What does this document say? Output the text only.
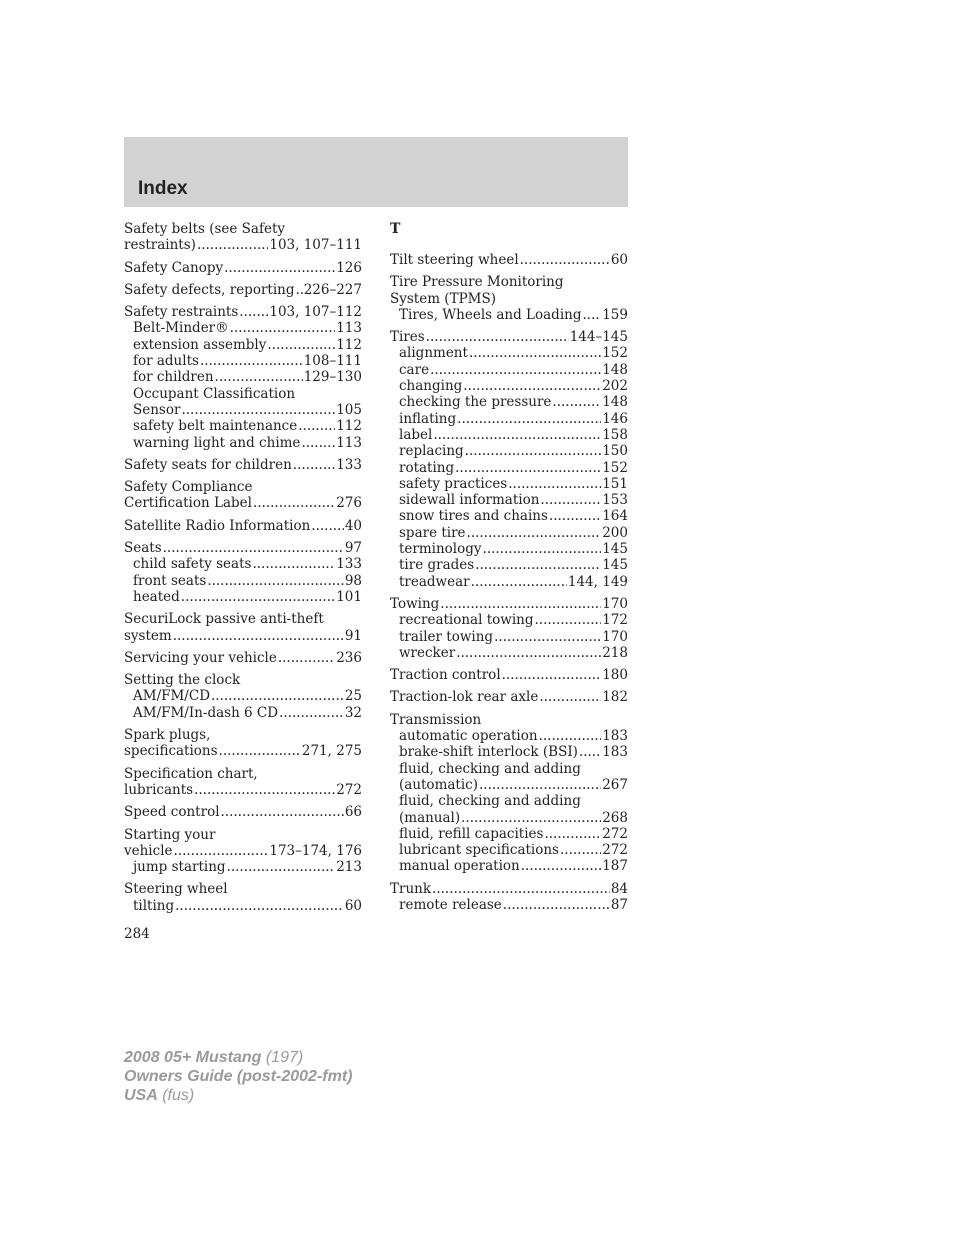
Index
Safety belts (see Safety
restraints) .....	103, 107–111
Safety Canopy .....	126
Safety defects, reporting ..... 226–227
Safety restraints ..... 103, 107–112
Belt-Minder® .....	113
extension assembly .....	112
for adults .....	108–111
for children .....	129–130
Occupant Classification
Sensor .....	105
safety belt maintenance .....	112
warning light and chime .....	113
Safety seats for children .....	133
Safety Compliance
Certification Label .....	276
Satellite Radio Information .....	40
Seats .....	97
child safety seats .....	133
front seats .....	98
heated .....	101
SecuriLock passive anti-theft
system .....	91
Servicing your vehicle .....	236
Setting the clock
AM/FM/CD .....	25
AM/FM/In-dash 6 CD .....	32
Spark plugs,
specifications .....	271, 275
Specification chart,
lubricants .....	272
Speed control .....	66
Starting your
vehicle .....	173–174, 176
jump starting .....	213
Steering wheel
tilting .....	60
T
Tilt steering wheel .....	60
Tire Pressure Monitoring
System (TPMS)
Tires, Wheels and Loading ..... 159
Tires .....	144–145
alignment .....	152
care .....	148
changing .....	202
checking the pressure .....	148
inflating .....	146
label .....	158
replacing .....	150
rotating .....	152
safety practices .....	151
sidewall information .....	153
snow tires and chains .....	164
spare tire .....	200
terminology .....	145
tire grades .....	145
treadwear .....	144, 149
Towing .....	170
recreational towing .....	172
trailer towing .....	170
wrecker .....	218
Traction control .....	180
Traction-lok rear axle .....	182
Transmission
automatic operation .....	183
brake-shift interlock (BSI) ..... 183
fluid, checking and adding
(automatic) .....	267
fluid, checking and adding
(manual) .....	268
fluid, refill capacities .....	272
lubricant specifications .....	272
manual operation .....	187
Trunk .....	84
remote release .....	87
284
2008 05+ Mustang (197)
Owners Guide (post-2002-fmt)
USA (fus)
